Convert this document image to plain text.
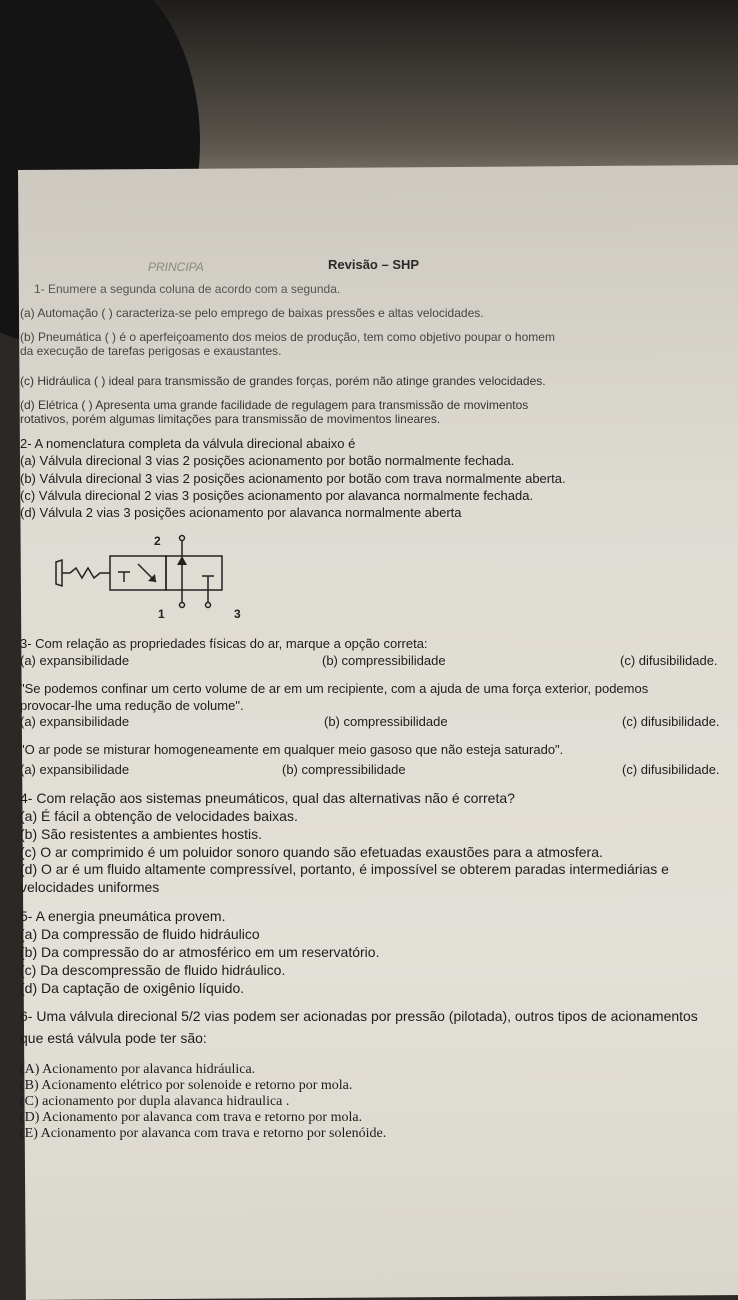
Revisão – SHP

PRINCIPA

1- Enumere a segunda coluna de acordo com a segunda.

(a) Automação ( ) caracteriza-se pelo emprego de baixas pressões e altas velocidades.

(b) Pneumática ( ) é o aperfeiçoamento dos meios de produção, tem como objetivo poupar o homem

da execução de tarefas perigosas e exaustantes.

(c) Hidráulica ( ) ideal para transmissão de grandes forças, porém não atinge grandes velocidades.

(d) Elétrica ( ) Apresenta uma grande facilidade de regulagem para transmissão de movimentos

rotativos, porém algumas limitações para transmissão de movimentos lineares.

2- A nomenclatura completa da válvula direcional abaixo é

(a) Válvula direcional 3 vias 2 posições acionamento por botão normalmente fechada.

(b) Válvula direcional 3 vias 2 posições acionamento por botão com trava normalmente aberta.

(c) Válvula direcional 2 vias 3 posições acionamento por alavanca normalmente fechada.

(d) Válvula 2 vias 3 posições acionamento por alavanca normalmente aberta

2
1	3

3- Com relação as propriedades físicas do ar, marque a opção correta:

(a) expansibilidade	(b) compressibilidade	(c) difusibilidade.

"Se podemos confinar um certo volume de ar em um recipiente, com a ajuda de uma força exterior, podemos

provocar-lhe uma redução de volume".

(a) expansibilidade	(b) compressibilidade	(c) difusibilidade.

"O ar pode se misturar homogeneamente em qualquer meio gasoso que não esteja saturado".

(a) expansibilidade	(b) compressibilidade	(c) difusibilidade.

4- Com relação aos sistemas pneumáticos, qual das alternativas não é correta?

(a) É fácil a obtenção de velocidades baixas.

(b) São resistentes a ambientes hostis.

(c) O ar comprimido é um poluidor sonoro quando são efetuadas exaustões para a atmosfera.

(d) O ar é um fluido altamente compressível, portanto, é impossível se obterem paradas intermediárias e

velocidades uniformes

5- A energia pneumática provem.

(a) Da compressão de fluido hidráulico

(b) Da compressão do ar atmosférico em um reservatório.

(c) Da descompressão de fluido hidráulico.

(d) Da captação de oxigênio líquido.

6- Uma válvula direcional 5/2 vias podem ser acionadas por pressão (pilotada), outros tipos de acionamentos

que está válvula pode ter são:

(A) Acionamento por alavanca hidráulica.

(B) Acionamento elétrico por solenoide e retorno por mola.

(C) acionamento por dupla alavanca hidraulica .

(D) Acionamento por alavanca com trava e retorno por mola.

(E) Acionamento por alavanca com trava e retorno por solenóide.
